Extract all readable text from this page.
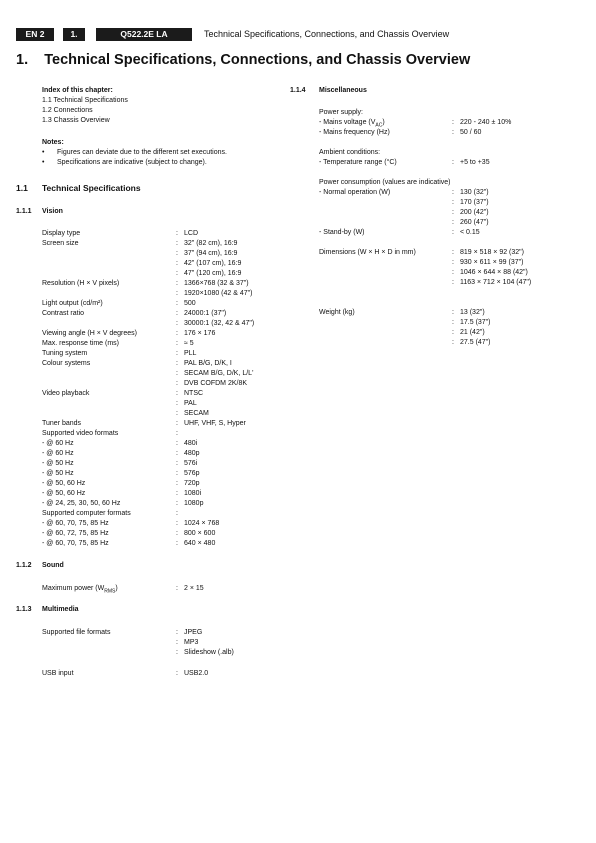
EN 2	1.	Q522.2E LA	Technical Specifications, Connections, and Chassis Overview
1. Technical Specifications, Connections, and Chassis Overview
Index of this chapter:
1.1 Technical Specifications
1.2 Connections
1.3 Chassis Overview
Notes:
• Figures can deviate due to the different set executions.
• Specifications are indicative (subject to change).
1.1 Technical Specifications
1.1.1 Vision
Display type	: LCD
Screen size	: 32" (82 cm), 16:9
: 37" (94 cm), 16:9
: 42" (107 cm), 16:9
: 47" (120 cm), 16:9
Resolution (H × V pixels)	: 1366×768 (32 & 37")
: 1920×1080 (42 & 47")
Light output (cd/m²)	: 500
Contrast ratio	: 24000:1 (37")
: 30000:1 (32, 42 & 47")
Viewing angle (H × V degrees)	: 176 × 176
Max. response time (ms)	: ≈ 5
Tuning system	: PLL
Colour systems	: PAL B/G, D/K, I
: SECAM B/G, D/K, L/L'
: DVB COFDM 2K/8K
Video playback	: NTSC
: PAL
: SECAM
Tuner bands	: UHF, VHF, S, Hyper
Supported video formats	:
- @ 60 Hz	: 480i
- @ 60 Hz	: 480p
- @ 50 Hz	: 576i
- @ 50 Hz	: 576p
- @ 50, 60 Hz	: 720p
- @ 50, 60 Hz	: 1080i
- @ 24, 25, 30, 50, 60 Hz	: 1080p
Supported computer formats	:
- @ 60, 70, 75, 85 Hz	: 1024 × 768
- @ 60, 72, 75, 85 Hz	: 800 × 600
- @ 60, 70, 75, 85 Hz	: 640 × 480
1.1.2 Sound
Maximum power $(W_{RMS})$	: 2 × 15
1.1.3 Multimedia
Supported file formats	: JPEG
: MP3
: Slideshow (.alb)
USB input	: USB2.0
1.1.4 Miscellaneous
Power supply:
- Mains voltage $(V_{AC})$	: 220 - 240 ± 10%
- Mains frequency (Hz)	: 50 / 60
Ambient conditions:
- Temperature range (°C)	: +5 to +35
Power consumption (values are indicative)
- Normal operation (W)	: 130 (32")
: 170 (37")
: 200 (42")
: 260 (47")
- Stand-by (W)	: < 0.15
Dimensions (W × H × D in mm)	: 819 × 518 × 92 (32")
: 930 × 611 × 99 (37")
: 1046 × 644 × 88 (42")
: 1163 × 712 × 104 (47")
Weight (kg)	: 13 (32")
: 17.5 (37")
: 21 (42")
: 27.5 (47")
